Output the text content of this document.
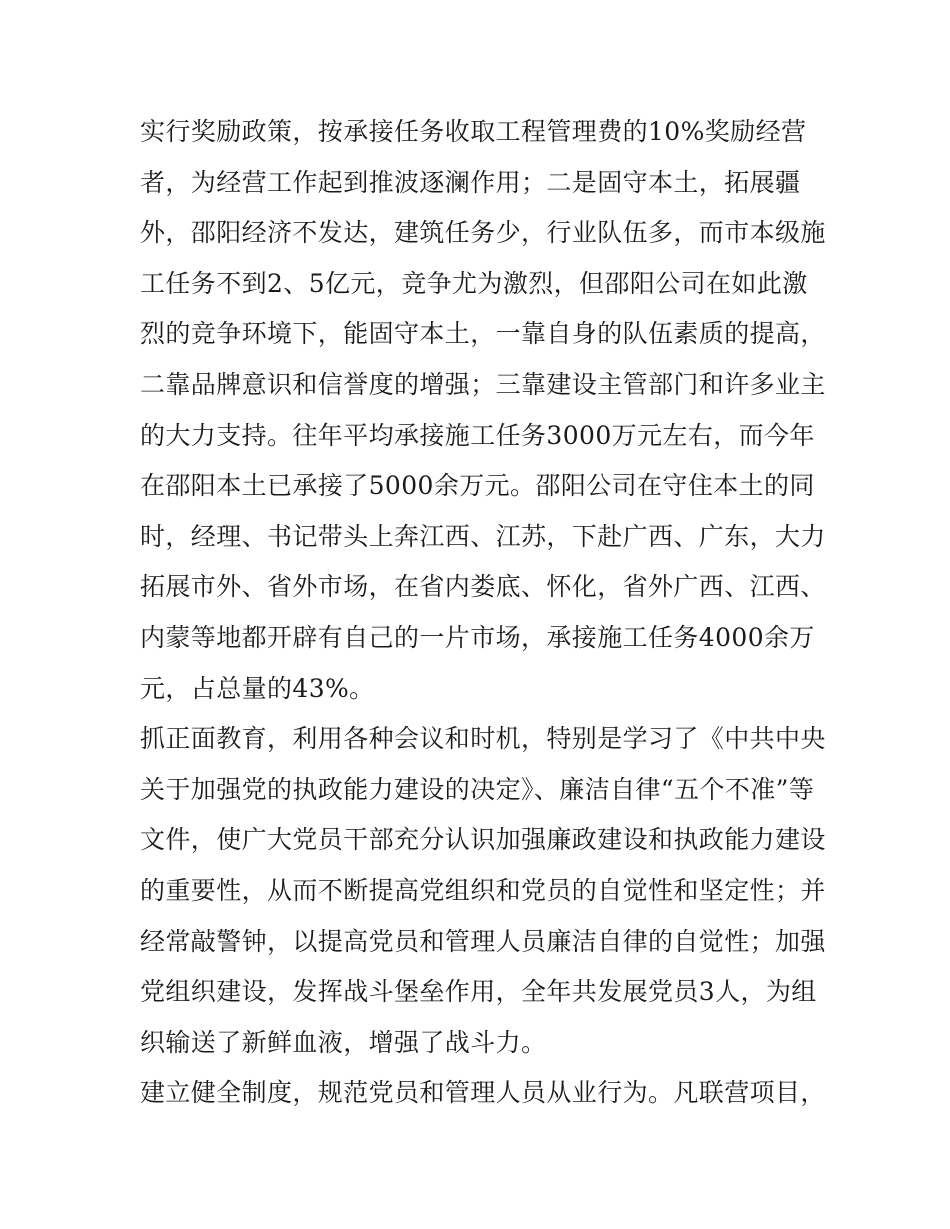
实行奖励政策，按承接任务收取工程管理费的10%奖励经营
者，为经营工作起到推波逐澜作用；二是固守本土，拓展疆
外，邵阳经济不发达，建筑任务少，行业队伍多，而市本级施
工任务不到2、5亿元，竞争尤为激烈，但邵阳公司在如此激
烈的竞争环境下，能固守本土，一靠自身的队伍素质的提高，
二靠品牌意识和信誉度的增强；三靠建设主管部门和许多业主
的大力支持。往年平均承接施工任务3000万元左右，而今年
在邵阳本土已承接了5000余万元。邵阳公司在守住本土的同
时，经理、书记带头上奔江西、江苏，下赴广西、广东，大力
拓展市外、省外市场，在省内娄底、怀化，省外广西、江西、
内蒙等地都开辟有自己的一片市场，承接施工任务4000余万
元，占总量的43%。
抓正面教育，利用各种会议和时机，特别是学习了《中共中央
关于加强党的执政能力建设的决定》、廉洁自律“五个不准”等
文件，使广大党员干部充分认识加强廉政建设和执政能力建设
的重要性，从而不断提高党组织和党员的自觉性和坚定性；并
经常敲警钟，以提高党员和管理人员廉洁自律的自觉性；加强
党组织建设，发挥战斗堡垒作用，全年共发展党员3人，为组
织输送了新鲜血液，增强了战斗力。
建立健全制度，规范党员和管理人员从业行为。凡联营项目，
